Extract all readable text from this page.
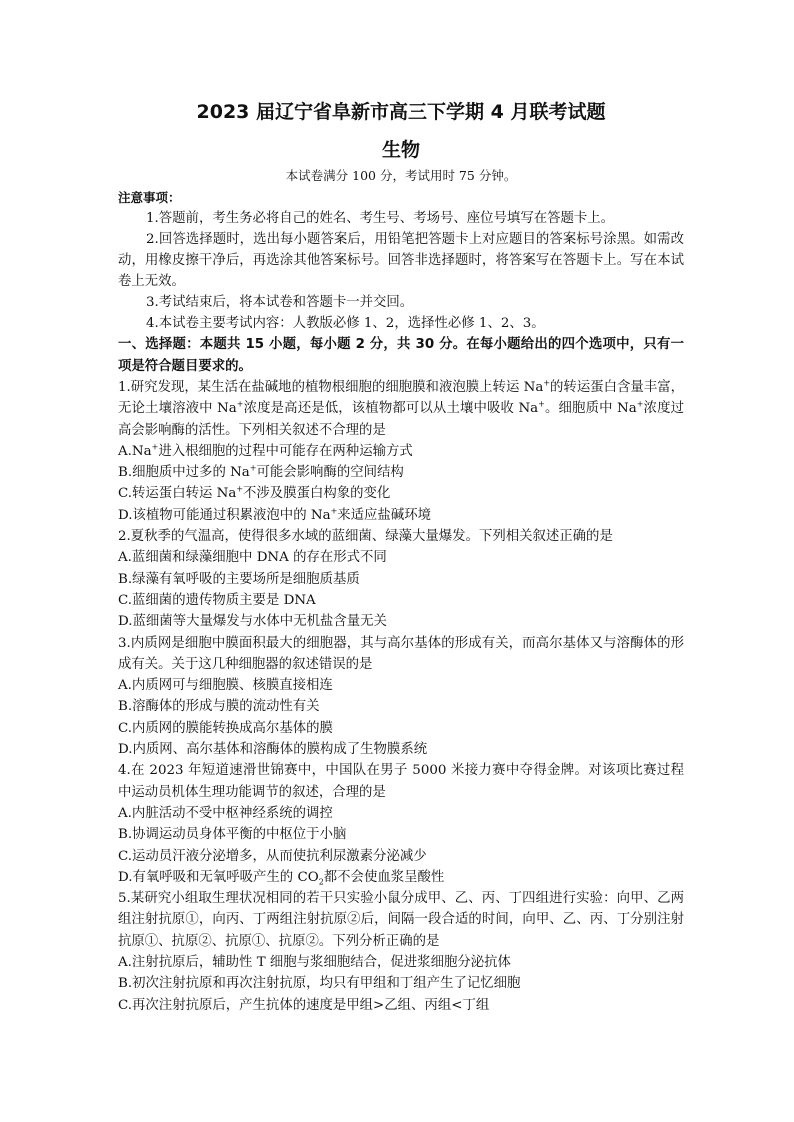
2023 届辽宁省阜新市高三下学期 4 月联考试题
生物
本试卷满分 100 分，考试用时 75 分钟。
注意事项：
1.答题前，考生务必将自己的姓名、考生号、考场号、座位号填写在答题卡上。
2.回答选择题时，选出每小题答案后，用铅笔把答题卡上对应题目的答案标号涂黑。如需改动，用橡皮擦干净后，再选涂其他答案标号。回答非选择题时，将答案写在答题卡上。写在本试卷上无效。
3.考试结束后，将本试卷和答题卡一并交回。
4.本试卷主要考试内容：人教版必修 1、2，选择性必修 1、2、3。
一、选择题：本题共 15 小题，每小题 2 分，共 30 分。在每小题给出的四个选项中，只有一项是符合题目要求的。
1.研究发现，某生活在盐碱地的植物根细胞的细胞膜和液泡膜上转运 Na+的转运蛋白含量丰富，无论土壤溶液中 Na+浓度是高还是低，该植物都可以从土壤中吸收 Na+。细胞质中 Na+浓度过高会影响酶的活性。下列相关叙述不合理的是
A.Na+进入根细胞的过程中可能存在两种运输方式
B.细胞质中过多的 Na+可能会影响酶的空间结构
C.转运蛋白转运 Na+不涉及膜蛋白构象的变化
D.该植物可能通过积累液泡中的 Na+来适应盐碱环境
2.夏秋季的气温高，使得很多水域的蓝细菌、绿藻大量爆发。下列相关叙述正确的是
A.蓝细菌和绿藻细胞中 DNA 的存在形式不同
B.绿藻有氧呼吸的主要场所是细胞质基质
C.蓝细菌的遗传物质主要是 DNA
D.蓝细菌等大量爆发与水体中无机盐含量无关
3.内质网是细胞中膜面积最大的细胞器，其与高尔基体的形成有关，而高尔基体又与溶酶体的形成有关。关于这几种细胞器的叙述错误的是
A.内质网可与细胞膜、核膜直接相连
B.溶酶体的形成与膜的流动性有关
C.内质网的膜能转换成高尔基体的膜
D.内质网、高尔基体和溶酶体的膜构成了生物膜系统
4.在 2023 年短道速滑世锦赛中，中国队在男子 5000 米接力赛中夺得金牌。对该项比赛过程中运动员机体生理功能调节的叙述，合理的是
A.内脏活动不受中枢神经系统的调控
B.协调运动员身体平衡的中枢位于小脑
C.运动员汗液分泌增多，从而使抗利尿激素分泌减少
D.有氧呼吸和无氧呼吸产生的 $CO_2$都不会使血浆呈酸性
5.某研究小组取生理状况相同的若干只实验小鼠分成甲、乙、丙、丁四组进行实验：向甲、乙两组注射抗原①，向丙、丁两组注射抗原②后，间隔一段合适的时间，向甲、乙、丙、丁分别注射抗原①、抗原②、抗原①、抗原②。下列分析正确的是
A.注射抗原后，辅助性 T 细胞与浆细胞结合，促进浆细胞分泌抗体
B.初次注射抗原和再次注射抗原，均只有甲组和丁组产生了记忆细胞
C.再次注射抗原后，产生抗体的速度是甲组>乙组、丙组<丁组
